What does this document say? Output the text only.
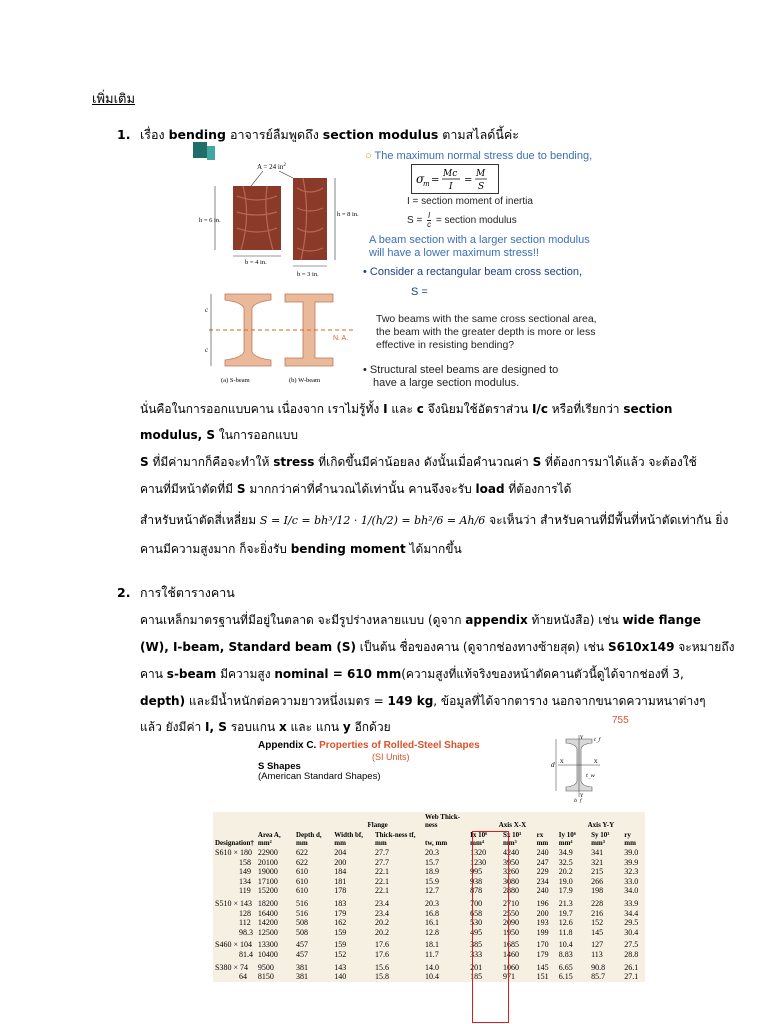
เพิ่มเติม
1. เรื่อง bending อาจารย์ลืมพูดถึง section modulus ตามสไลด์นี้ค่ะ
A = 24 $in^2$
h = 6 in.
h = 8 in.
b = 4 in.
b = 3 in.
c
c
N. A.
(a) S-beam	(b) W-beam
○ The maximum normal stress due to bending,
σ
m =
Mc
I
=
M
S
I = section moment of inertia
$S = \frac{I}{c}$ = section modulus
A beam section with a larger section modulus
will have a lower maximum stress!!
• Consider a rectangular beam cross section,
S =
Two beams with the same cross sectional area,
the beam with the greater depth is more or less
effective in resisting bending?
• Structural steel beams are designed to
have a large section modulus.

นั่นคือในการออกแบบคาน เนื่องจาก เราไม่รู้ทั้ง I และ c จึงนิยมใช้อัตราส่วน I/c หรือที่เรียกว่า section

modulus, S ในการออกแบบ

S ที่มีค่ามากก็คือจะทำให้ stress ที่เกิดขึ้นมีค่าน้อยลง ดังนั้นเมื่อคำนวณค่า S ที่ต้องการมาได้แล้ว จะต้องใช้

คานที่มีหน้าตัดที่มี S มากกว่าค่าที่คำนวณได้เท่านั้น คานจึงจะรับ load ที่ต้องการได้

สำหรับหน้าตัดสี่เหลี่ยม S = I/c = bh³/12 · 1/(h/2) = bh²/6 = Ah/6 จะเห็นว่า สำหรับคานที่มีพื้นที่หน้าตัดเท่ากัน ยิ่ง

คานมีความสูงมาก ก็จะยิ่งรับ bending moment ได้มากขึ้น

2. การใช้ตารางคาน

คานเหล็กมาตรฐานที่มีอยู่ในตลาด จะมีรูปร่างหลายแบบ (ดูจาก appendix ท้ายหนังสือ) เช่น wide flange

(W), I-beam, Standard beam (S) เป็นต้น ชื่อของคาน (ดูจากช่องทางซ้ายสุด) เช่น S610x149 จะหมายถึง

คาน s-beam มีความสูง nominal = 610 mm(ความสูงที่แท้จริงของหน้าตัดคานตัวนี้ดูได้จากช่องที่ 3,

depth) และมีน้ำหนักต่อความยาวหนึ่งเมตร = 149 kg, ข้อมูลที่ได้จากตาราง นอกจากขนาดความหนาต่างๆ

แล้ว ยังมีค่า I, S รอบแกน x และ แกน y อีกด้วย	755
Appendix C. Properties of Rolled-Steel Shapes
(SI Units)
S Shapes
(American Standard Shapes)
d X	X
Y
Y
t_f
t_w
b_f
			Flange		Web Thick-ness	Axis X-X			Axis Y-Y		
Designation†	Area A, mm²	Depth d, mm	Width bf, mm	Thick-ness tf, mm	tw, mm	Ix 10⁶ mm⁴	Sx 10³ mm³	rx mm	Iy 10⁶ mm⁴	Sy 10³ mm³	ry mm
S610 × 180	22900	622	204	27.7	20.3	1320	4240	240	34.9	341	39.0
158	20100	622	200	27.7	15.7	1230	3950	247	32.5	321	39.9
149	19000	610	184	22.1	18.9	995	3260	229	20.2	215	32.3
134	17100	610	181	22.1	15.9	938	3080	234	19.0	266	33.0
119	15200	610	178	22.1	12.7	878	2880	240	17.9	198	34.0
S510 × 143	18200	516	183	23.4	20.3	700	2710	196	21.3	228	33.9
128	16400	516	179	23.4	16.8	658	2550	200	19.7	216	34.4
112	14200	508	162	20.2	16.1	530	2090	193	12.6	152	29.5
98.3	12500	508	159	20.2	12.8	495	1950	199	11.8	145	30.4
S460 × 104	13300	457	159	17.6	18.1	385	1685	170	10.4	127	27.5
81.4	10400	457	152	17.6	11.7	333	1460	179	8.83	113	28.8
S380 × 74	9500	381	143	15.6	14.0	201	1060	145	6.65	90.8	26.1
64	8150	381	140	15.8	10.4	185	971	151	6.15	85.7	27.1
